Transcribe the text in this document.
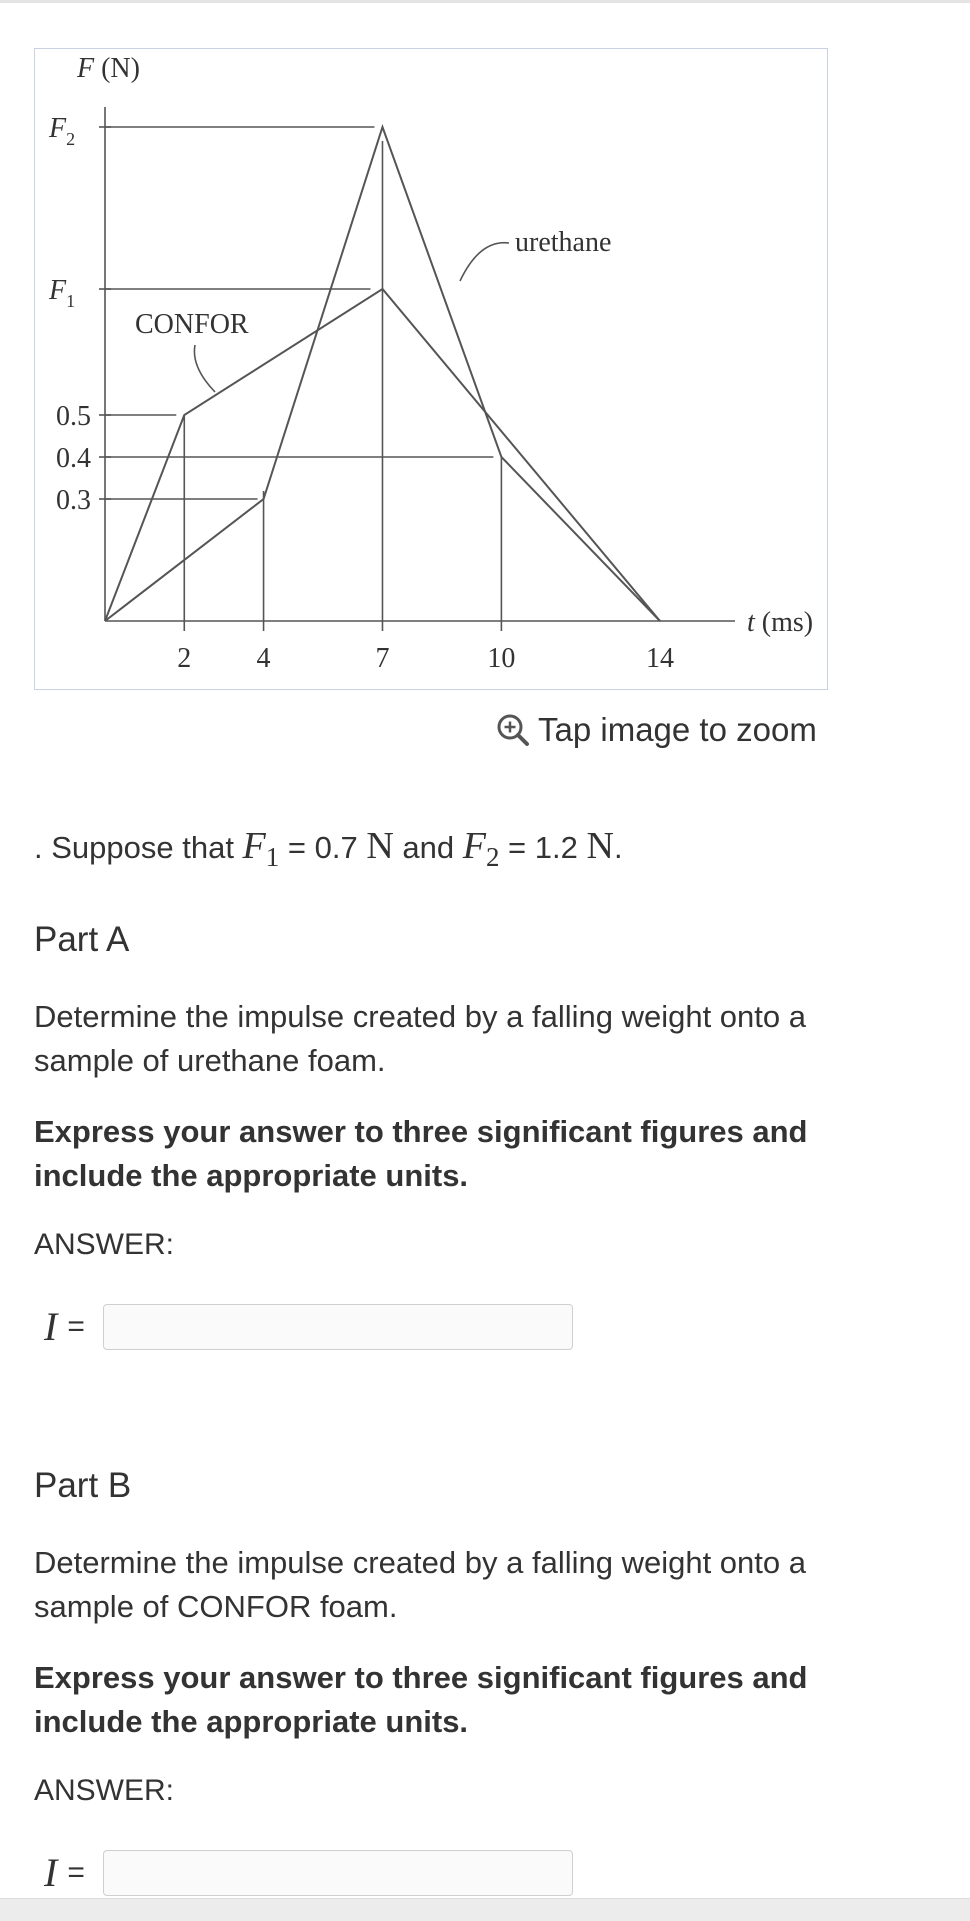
2 4	7	10	14
0.3
0.4
0.5
$F_1$
$F_2$
F (N)
t (ms)
urethane
CONFOR
Tap image to zoom
. Suppose that F 1 = 0.7 N and F 2 = 1.2 N .
Part A
Determine the impulse created by a falling weight onto a sample of urethane foam.
Express your answer to three significant figures and include the appropriate units.
ANSWER:
I =
Part B
Determine the impulse created by a falling weight onto a sample of CONFOR foam.
Express your answer to three significant figures and include the appropriate units.
ANSWER:
I =
